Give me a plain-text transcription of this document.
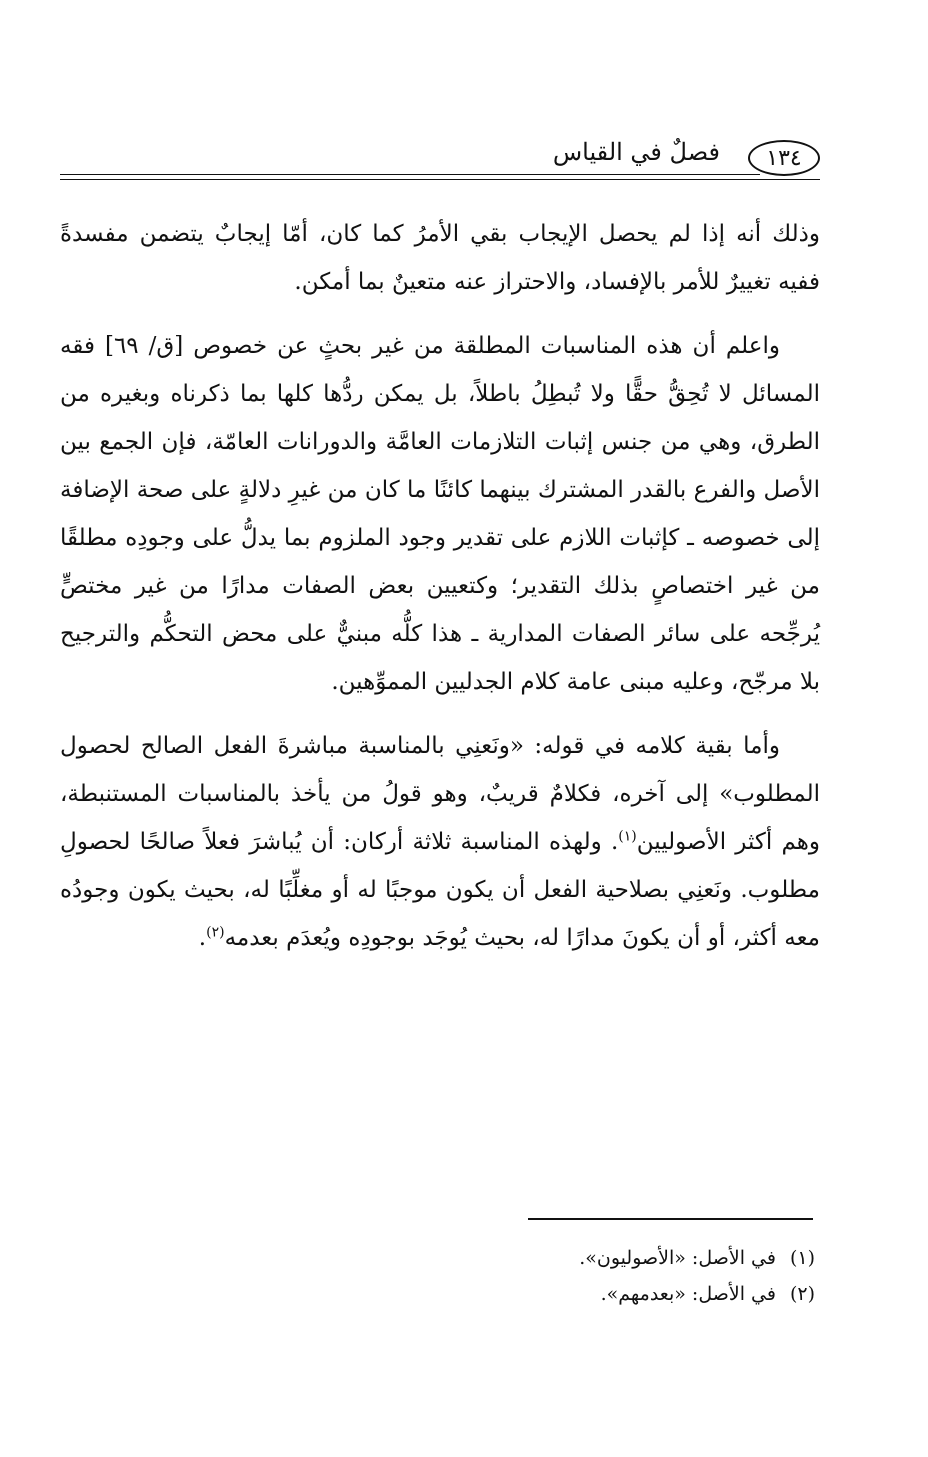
١٣٤
فصلٌ في القياس

وذلك أنه إذا لم يحصل الإيجاب بقي الأمرُ كما كان، أمّا إيجابٌ يتضمن مفسدةً ففيه تغييرٌ للأمر بالإفساد، والاحتراز عنه متعينٌ بما أمكن.

واعلم أن هذه المناسبات المطلقة من غير بحثٍ عن خصوص [ق/ ٦٩] فقه المسائل لا تُحِقُّ حقًّا ولا تُبطِلُ باطلاً، بل يمكن ردُّها كلها بما ذكرناه وبغيره من الطرق، وهي من جنس إثبات التلازمات العامَّة والدورانات العامّة، فإن الجمع بين الأصل والفرع بالقدر المشترك بينهما كائنًا ما كان من غيرِ دلالةٍ على صحة الإضافة إلى خصوصه ـ كإثبات اللازم على تقدير وجود الملزوم بما يدلُّ على وجودِه مطلقًا من غير اختصاصٍ بذلك التقدير؛ وكتعيين بعض الصفات مدارًا من غير مختصٍّ يُرجِّحه على سائر الصفات المدارية ـ هذا كلُّه مبنيٌّ على محض التحكُّم والترجيح بلا مرجّح، وعليه مبنى عامة كلام الجدليين المموِّهين.

وأما بقية كلامه في قوله: «ونَعنِي بالمناسبة مباشرةَ الفعل الصالح لحصول المطلوب» إلى آخره، فكلامٌ قريبٌ، وهو قولُ من يأخذ بالمناسبات المستنبطة، وهم أكثر الأصوليين$^{(١)}$. ولهذه المناسبة ثلاثة أركان: أن يُباشرَ فعلاً صالحًا لحصولِ مطلوب. ونَعنِي بصلاحية الفعل أن يكون موجبًا له أو مغلِّبًا له، بحيث يكون وجودُه معه أكثر، أو أن يكونَ مدارًا له، بحيث يُوجَد بوجودِه ويُعدَم بعدمه$^{(٢)}$.

(١)
في الأصل: «الأصوليون».
(٢)
في الأصل: «بعدمهم».
